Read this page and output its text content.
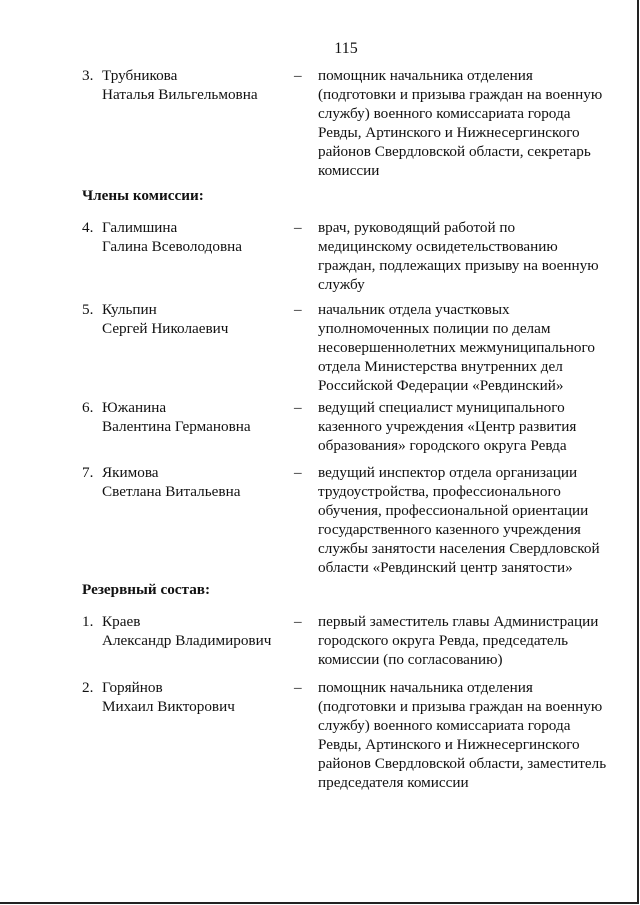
115
3. Трубникова
Наталья Вильгельмовна
– помощник начальника отделения
(подготовки и призыва граждан на военную
службу) военного комиссариата города
Ревды, Артинского и Нижнесергинского
районов Свердловской области, секретарь
комиссии
Члены комиссии:
4. Галимшина
Галина Всеволодовна
– врач, руководящий работой по
медицинскому освидетельствованию
граждан, подлежащих призыву на военную
службу
5. Кульпин
Сергей Николаевич
– начальник отдела участковых
уполномоченных полиции по делам
несовершеннолетних межмуниципального
отдела Министерства внутренних дел
Российской Федерации «Ревдинский»
6. Южанина
Валентина Германовна
– ведущий специалист муниципального
казенного учреждения «Центр развития
образования» городского округа Ревда
7. Якимова
Светлана Витальевна
– ведущий инспектор отдела организации
трудоустройства, профессионального
обучения, профессиональной ориентации
государственного казенного учреждения
службы занятости населения Свердловской
области «Ревдинский центр занятости»
Резервный состав:
1. Краев
Александр Владимирович
– первый заместитель главы Администрации
городского округа Ревда, председатель
комиссии (по согласованию)
2. Горяйнов
Михаил Викторович
– помощник начальника отделения
(подготовки и призыва граждан на военную
службу) военного комиссариата города
Ревды, Артинского и Нижнесергинского
районов Свердловской области, заместитель
председателя комиссии
